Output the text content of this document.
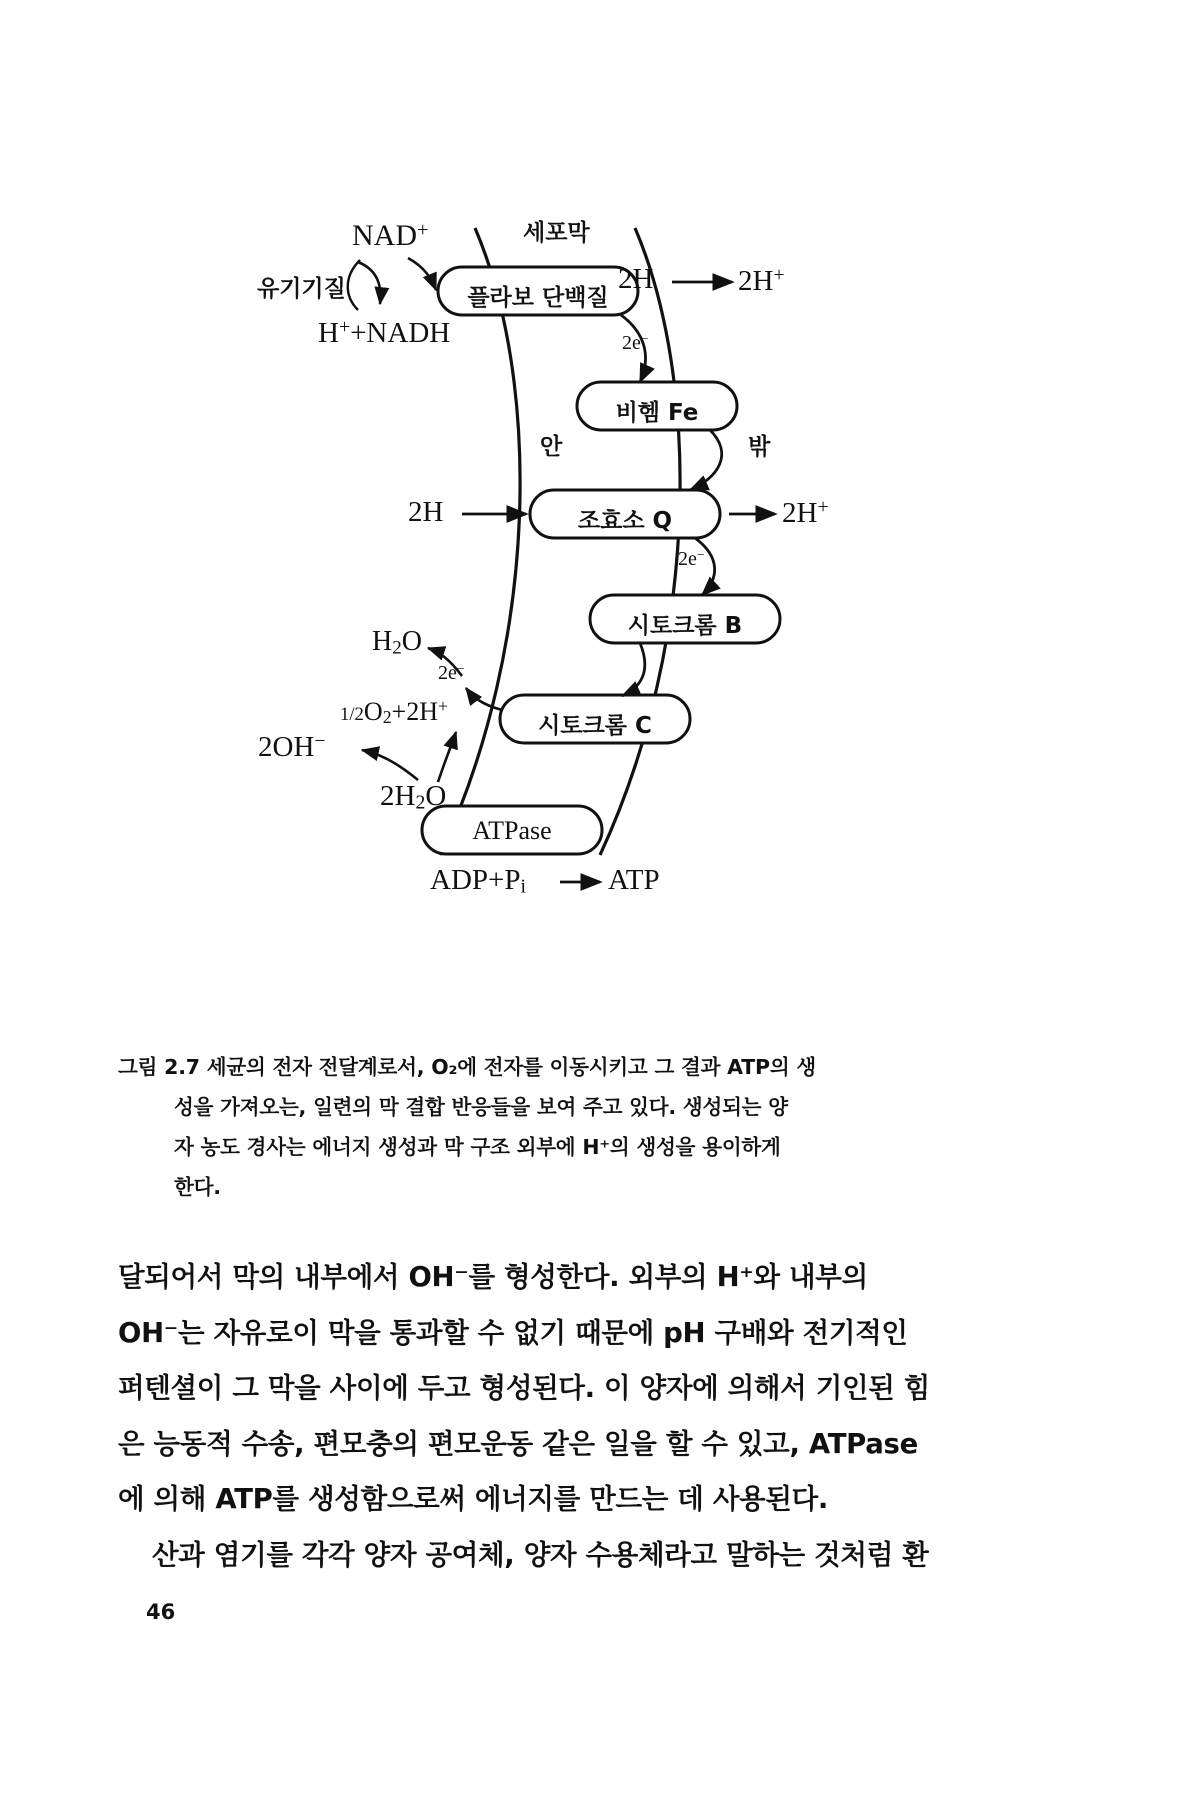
플라보 단백질
비헴 Fe
조효소 Q
시토크롬 B
시토크롬 C
ATPase
NAD+
유기기질
H++NADH
세포막
2H	2H+
2e−
안	밖
2H	2H+
2e−
$H_2O$
2e−
$1/2O_2+2H^+$
2OH−
$2H_2O$
$ADP+P_i$	ATP
그림 2.7 세균의 전자 전달계로서, O₂에 전자를 이동시키고 그 결과 ATP의 생
성을 가져오는, 일련의 막 결합 반응들을 보여 주고 있다. 생성되는 양
자 농도 경사는 에너지 생성과 막 구조 외부에 H⁺의 생성을 용이하게
한다.
달되어서 막의 내부에서 OH⁻를 형성한다. 외부의 H⁺와 내부의
OH⁻는 자유로이 막을 통과할 수 없기 때문에 pH 구배와 전기적인
퍼텐셜이 그 막을 사이에 두고 형성된다. 이 양자에 의해서 기인된 힘
은 능동적 수송, 편모충의 편모운동 같은 일을 할 수 있고, ATPase
에 의해 ATP를 생성함으로써 에너지를 만드는 데 사용된다.
산과 염기를 각각 양자 공여체, 양자 수용체라고 말하는 것처럼 환
46
